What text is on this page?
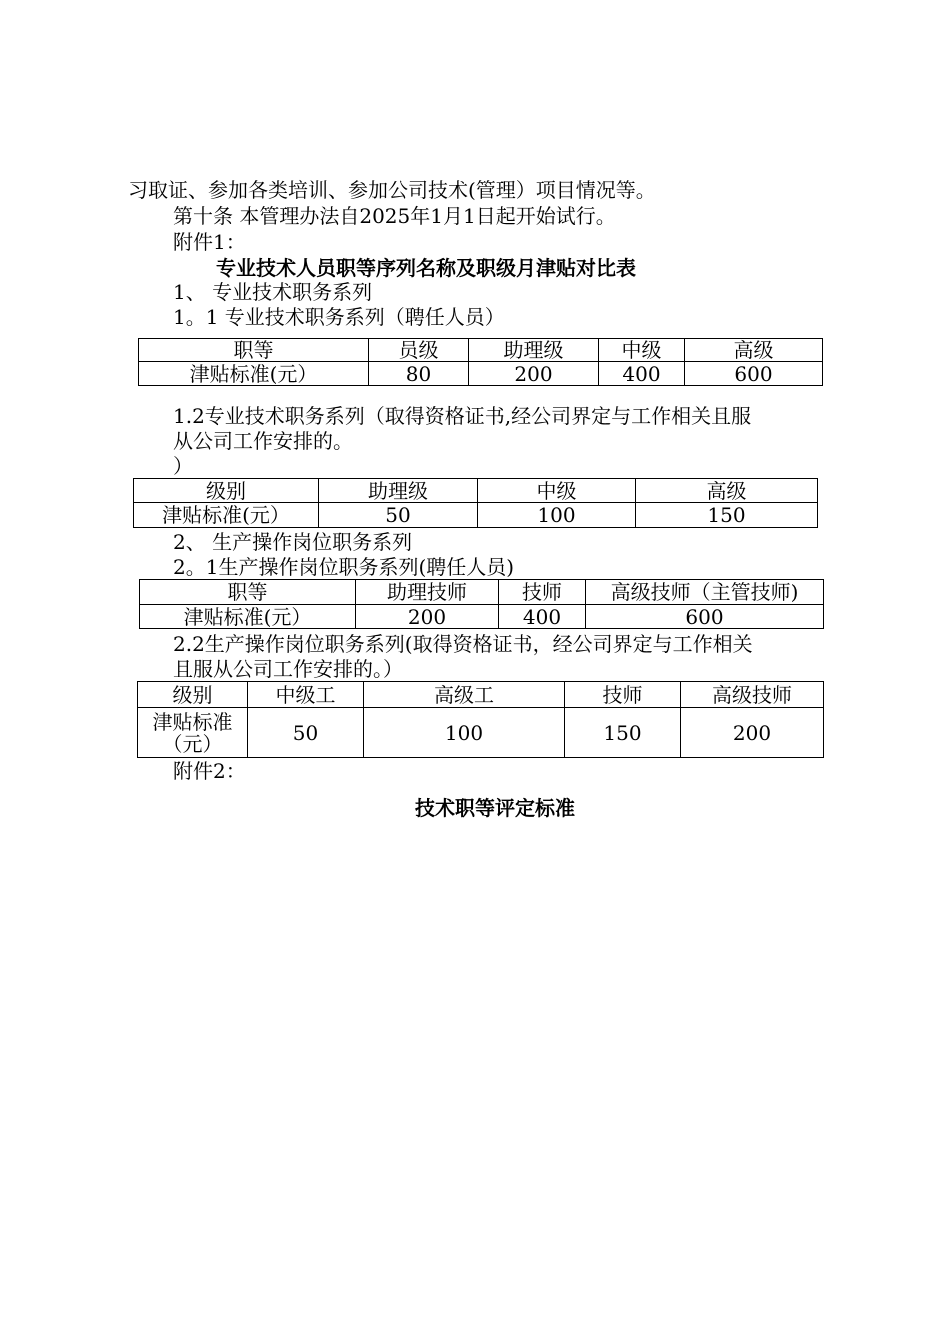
习取证、参加各类培训、参加公司技术(管理）项目情况等。
第十条 本管理办法自2025年1月1日起开始试行。
附件1：
专业技术人员职等序列名称及职级月津贴对比表
1、 专业技术职务系列
1。1 专业技术职务系列（聘任人员）
职等	员级	助理级	中级	高级
津贴标准(元）	80	200	400	600
1.2专业技术职务系列（取得资格证书,经公司界定与工作相关且服
从公司工作安排的。
）
级别	助理级	中级	高级
津贴标准(元）	50	100	150
2、 生产操作岗位职务系列
2。1生产操作岗位职务系列(聘任人员)
职等	助理技师	技师	高级技师（主管技师)
津贴标准(元）	200	400	600
2.2生产操作岗位职务系列(取得资格证书，经公司界定与工作相关
且服从公司工作安排的。）
级别	中级工	高级工	技师	高级技师
津贴标准（元）	50	100	150	200
附件2：
技术职等评定标准
